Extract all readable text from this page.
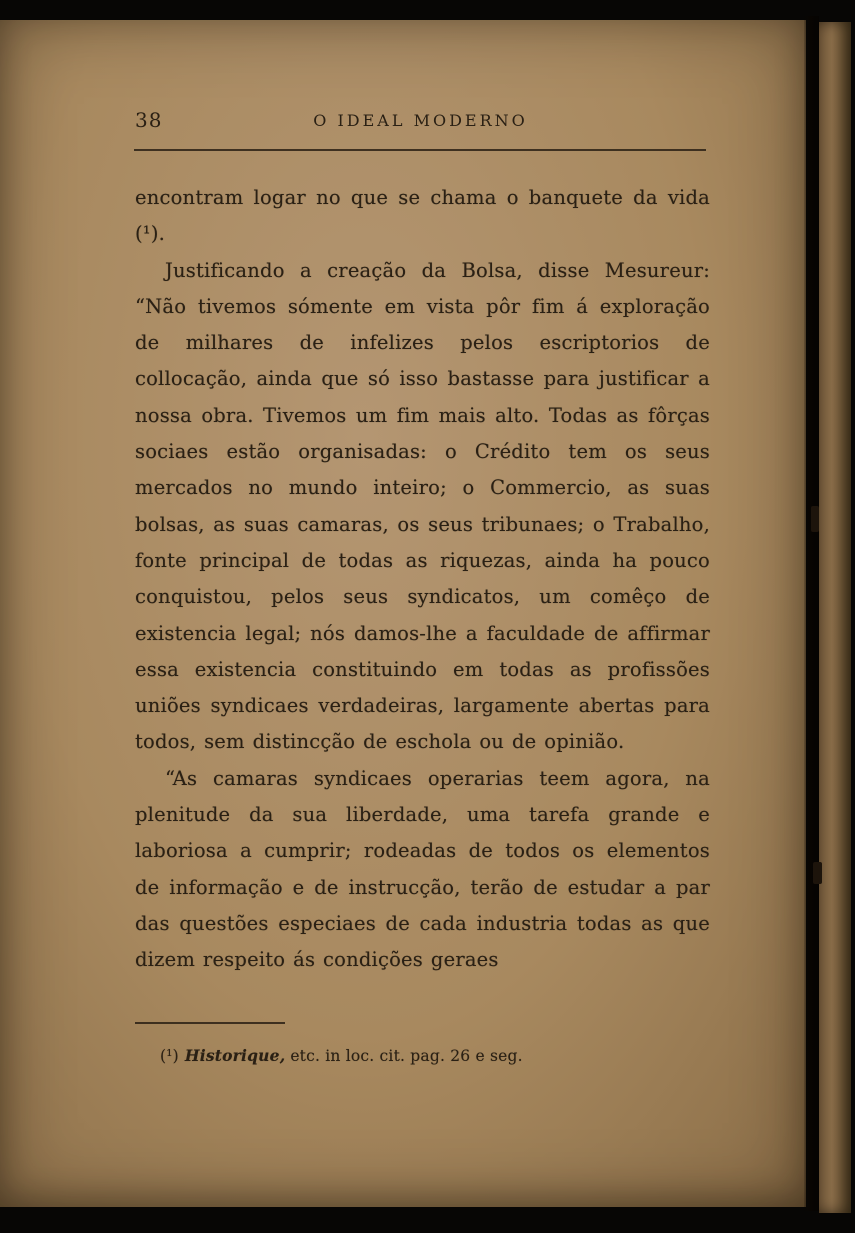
38	O IDEAL MODERNO

encontram logar no que se chama o banquete da vida (¹).

Justificando a creação da Bolsa, disse Mesureur: “Não tivemos sómente em vista pôr fim á exploração de milhares de infelizes pelos escriptorios de collocação, ainda que só isso bastasse para justificar a nossa obra. Tivemos um fim mais alto. Todas as fôrças sociaes estão organisadas: o Crédito tem os seus mercados no mundo inteiro; o Commercio, as suas bolsas, as suas camaras, os seus tribunaes; o Trabalho, fonte principal de todas as riquezas, ainda ha pouco conquistou, pelos seus syndicatos, um comêço de existencia legal; nós damos-lhe a faculdade de affirmar essa existencia constituindo em todas as profissões uniões syndicaes verdadeiras, largamente abertas para todos, sem distincção de eschola ou de opinião.

“As camaras syndicaes operarias teem agora, na plenitude da sua liberdade, uma tarefa grande e laboriosa a cumprir; rodeadas de todos os elementos de informação e de instrucção, terão de estudar a par das questões especiaes de cada industria todas as que dizem respeito ás condições geraes

(¹) Historique, etc. in loc. cit. pag. 26 e seg.
